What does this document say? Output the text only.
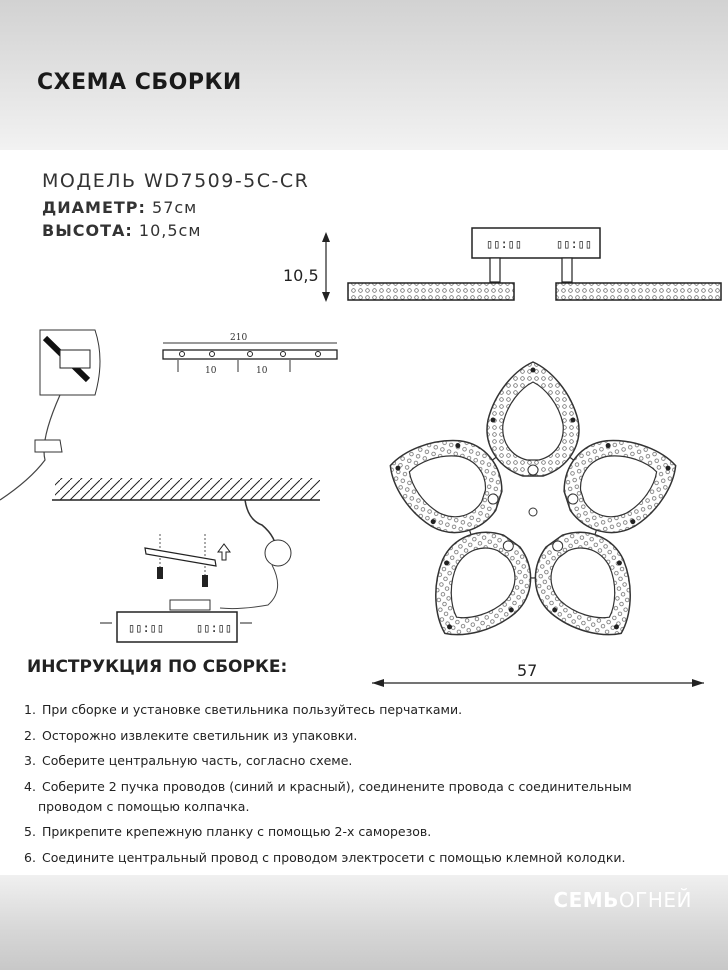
СХЕМА СБОРКИ
МОДЕЛЬ WD7509-5C-CR
ДИАМЕТР: 57см
ВЫСОТА: 10,5см
▯▯:▯▯	▯▯:▯▯
10,5
210
10	10
▯▯:▯▯	▯▯:▯▯
57
ИНСТРУКЦИЯ ПО СБОРКЕ:
1. При сборке и установке светильника пользуйтесь перчатками.
2. Осторожно извлеките светильник из упаковки.
3. Соберите центральную часть, согласно схеме.
4. Соберите 2 пучка проводов (синий и красный), соединените провода с соединительным
проводом с помощью колпачка.
5. Прикрепите крепежную планку с помощью 2-х саморезов.
6. Соедините центральный провод с проводом электросети с помощью клемной колодки.
СЕМЬОГНЕЙ
